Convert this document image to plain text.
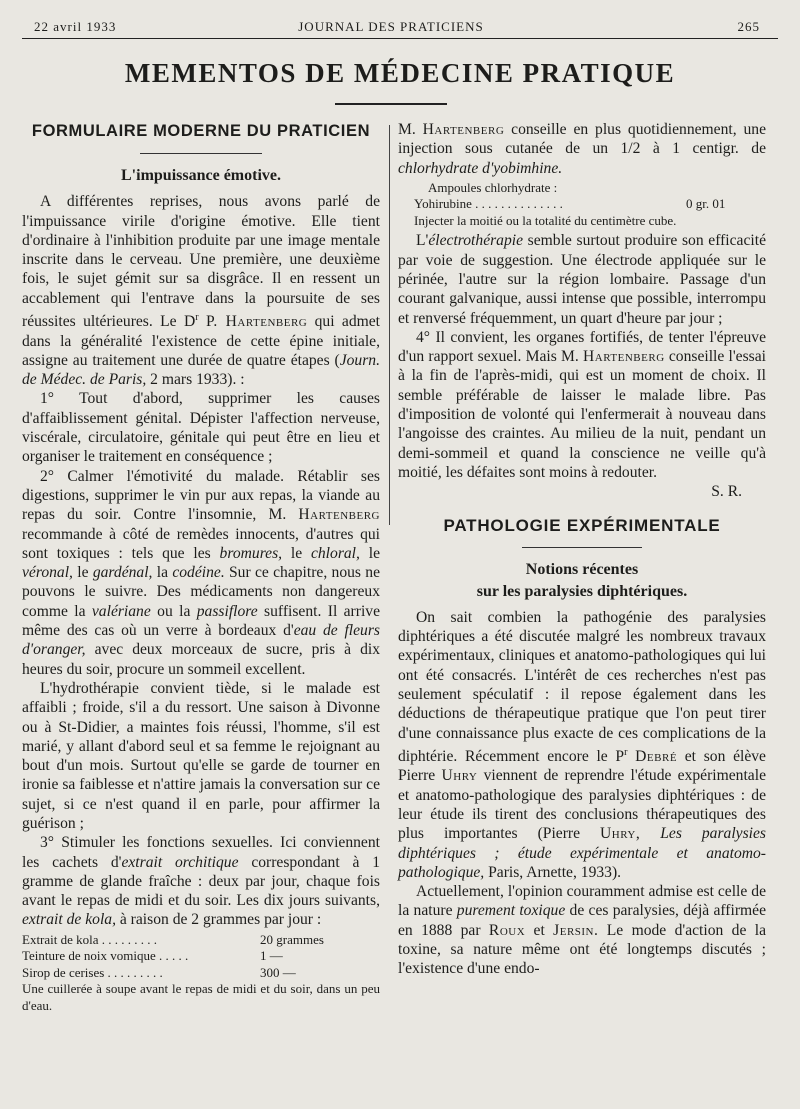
22 avril 1933	JOURNAL DES PRATICIENS	265
MEMENTOS DE MÉDECINE PRATIQUE
FORMULAIRE MODERNE DU PRATICIEN
L'impuissance émotive.

A différentes reprises, nous avons parlé de l'impuissance virile d'origine émotive. Elle tient d'ordinaire à l'inhibition produite par une image mentale inscrite dans le cerveau. Une première, une deuxième fois, le sujet gémit sur sa disgrâce. Il en ressent un accablement qui l'entrave dans la poursuite de ses réussites ultérieures. Le $D^r$ P. Hartenberg qui admet dans la généralité l'existence de cette épine initiale, assigne au traitement une durée de quatre étapes (Journ. de Médec. de Paris, 2 mars 1933). :

1° Tout d'abord, supprimer les causes d'affaiblissement génital. Dépister l'affection nerveuse, viscérale, circulatoire, génitale qui peut être en lieu et organiser le traitement en conséquence ;

2° Calmer l'émotivité du malade. Rétablir ses digestions, supprimer le vin pur aux repas, la viande au repas du soir. Contre l'insomnie, M. Hartenberg recommande à côté de remèdes innocents, d'autres qui sont toxiques : tels que les bromures, le chloral, le véronal, le gardénal, la codéine. Sur ce chapitre, nous ne pouvons le suivre. Des médicaments non dangereux comme la valériane ou la passiflore suffisent. Il arrive même des cas où un verre à bordeaux d'eau de fleurs d'oranger, avec deux morceaux de sucre, pris à dix heures du soir, procure un sommeil excellent.

L'hydrothérapie convient tiède, si le malade est affaibli ; froide, s'il a du ressort. Une saison à Divonne ou à St-Didier, a maintes fois réussi, l'homme, s'il est marié, y allant d'abord seul et sa femme le rejoignant au bout d'un mois. Surtout qu'elle se garde de tourner en ironie sa faiblesse et n'attire jamais la conversation sur ce sujet, si ce n'est quand il en parle, pour affirmer la guérison ;

3° Stimuler les fonctions sexuelles. Ici conviennent les cachets d'extrait orchitique correspondant à 1 gramme de glande fraîche : deux par jour, chaque fois avant le repas de midi et du soir. Les dix jours suivants, extrait de kola, à raison de 2 grammes par jour :

Extrait de kola . . . . . . . . .	20 grammes
Teinture de noix vomique . . . . .	1 —
Sirop de cerises . . . . . . . . .	300 —

Une cuillerée à soupe avant le repas de midi et du soir, dans un peu d'eau.

M. Hartenberg conseille en plus quotidiennement, une injection sous cutanée de un 1/2 à 1 centigr. de chlorhydrate d'yobimhine.

Ampoules chlorhydrate :
Yohirubine . . . . . . . . . . . . . .	0 gr. 01

Injecter la moitié ou la totalité du centimètre cube.

L'électrothérapie semble surtout produire son efficacité par voie de suggestion. Une électrode appliquée sur le périnée, l'autre sur la région lombaire. Passage d'un courant galvanique, aussi intense que possible, interrompu et renversé fréquemment, un quart d'heure par jour ;

4° Il convient, les organes fortifiés, de tenter l'épreuve d'un rapport sexuel. Mais M. Hartenberg conseille l'essai à la fin de l'après-midi, qui est un moment de choix. Il semble préférable de laisser le malade libre. Pas d'imposition de volonté qui l'enfermerait à nouveau dans l'angoisse des craintes. Au milieu de la nuit, pendant un demi-sommeil et quand la conscience ne veille qu'à moitié, les défaites sont moins à redouter.

S. R.

PATHOLOGIE EXPÉRIMENTALE
Notions récentes
sur les paralysies diphtériques.

On sait combien la pathogénie des paralysies diphtériques a été discutée malgré les nombreux travaux expérimentaux, cliniques et anatomo-pathologiques qui lui ont été consacrés. L'intérêt de ces recherches n'est pas seulement spéculatif : il repose également dans les déductions de thérapeutique pratique que l'on peut tirer d'une connaissance plus exacte de ces complications de la diphtérie. Récemment encore le $P^r$ Debré et son élève Pierre Uhry viennent de reprendre l'étude expérimentale et anatomo-pathologique des paralysies diphtériques : de leur étude ils tirent des conclusions thérapeutiques des plus importantes (Pierre Uhry, Les paralysies diphtériques ; étude expérimentale et anatomo-pathologique, Paris, Arnette, 1933).

Actuellement, l'opinion couramment admise est celle de la nature purement toxique de ces paralysies, déjà affirmée en 1888 par Roux et Jersin. Le mode d'action de la toxine, sa nature même ont été longtemps discutés ; l'existence d'une endo-
